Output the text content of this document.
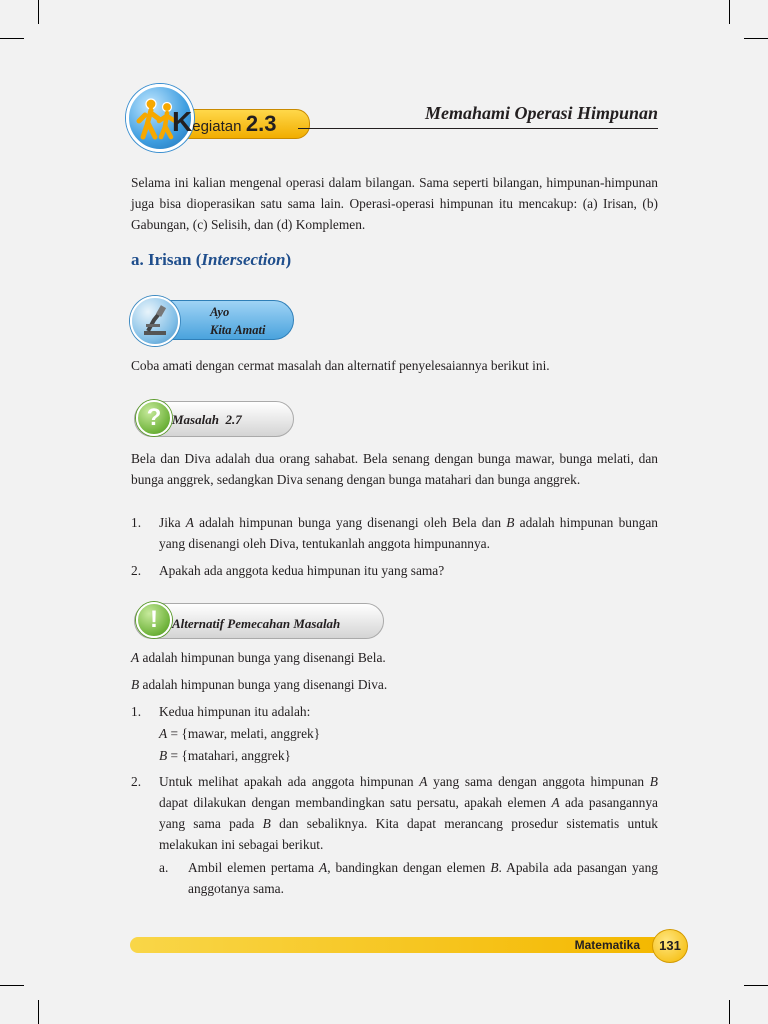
Kegiatan 2.3	Memahami Operasi Himpunan

Selama ini kalian mengenal operasi dalam bilangan. Sama seperti bilangan, himpunan-himpunan juga bisa dioperasikan satu sama lain. Operasi-operasi himpunan itu mencakup: (a) Irisan, (b) Gabungan, (c) Selisih, dan (d) Komplemen.

a. Irisan (Intersection)
Ayo
Kita Amati

Coba amati dengan cermat masalah dan alternatif penyelesaiannya berikut ini.

? Masalah  2.7

Bela dan Diva adalah dua orang sahabat. Bela senang dengan bunga mawar, bunga melati, dan bunga anggrek, sedangkan Diva senang dengan bunga matahari dan bunga anggrek.

1. Jika A adalah himpunan bunga yang disenangi oleh Bela dan B adalah himpunan bungan yang disenangi oleh Diva, tentukanlah anggota himpunannya.

2. Apakah ada anggota kedua himpunan itu yang sama?

!	Alternatif Pemecahan Masalah

A adalah himpunan bunga yang disenangi Bela.

B adalah himpunan bunga yang disenangi Diva.

1. Kedua himpunan itu adalah:

A = {mawar, melati, anggrek}

B = {matahari, anggrek}

2. Untuk melihat apakah ada anggota himpunan A yang sama dengan anggota himpunan B dapat dilakukan dengan membandingkan satu persatu, apakah elemen A ada pasangannya yang sama pada B dan sebaliknya. Kita dapat merancang prosedur sistematis untuk melakukan ini sebagai berikut.

a. Ambil elemen pertama A, bandingkan dengan elemen B. Apabila ada pasangan yang anggotanya sama.

Matematika	131
